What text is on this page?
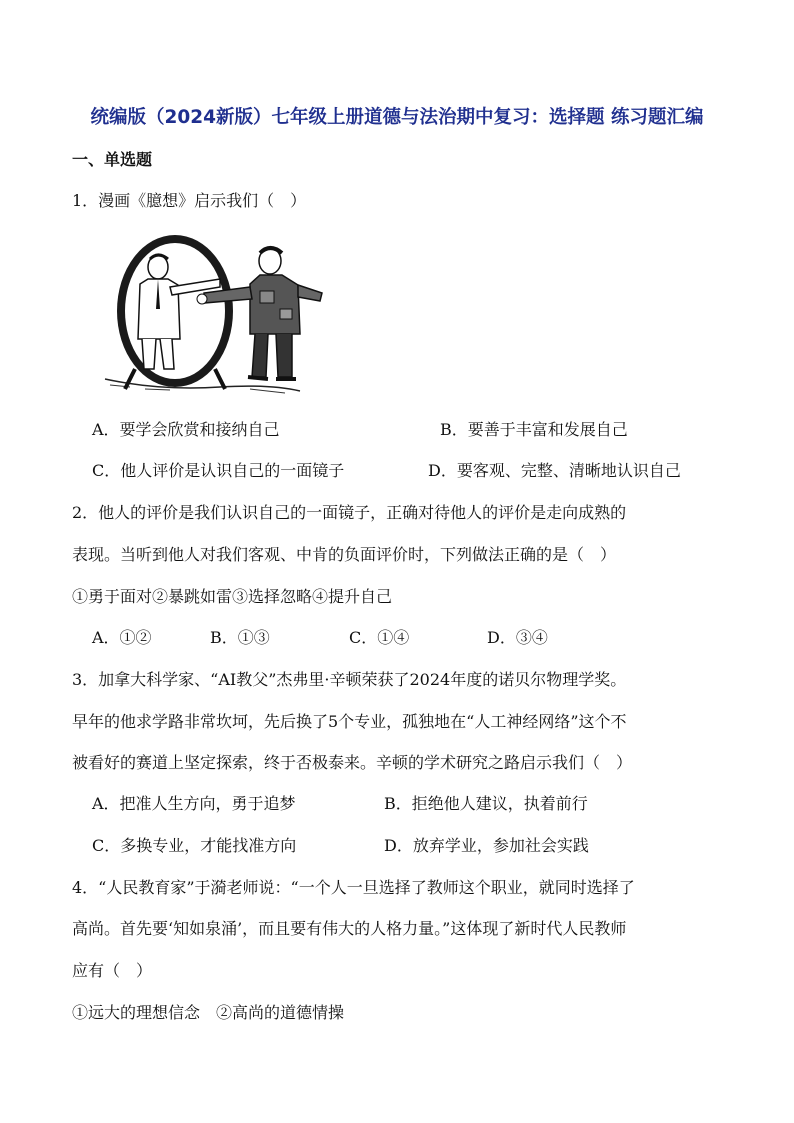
统编版（2024新版）七年级上册道德与法治期中复习：选择题 练习题汇编
一、单选题
1．漫画《臆想》启示我们（　）
A．要学会欣赏和接纳自己	B．要善于丰富和发展自己
C．他人评价是认识自己的一面镜子	D．要客观、完整、清晰地认识自己
2．他人的评价是我们认识自己的一面镜子，正确对待他人的评价是走向成熟的
表现。当听到他人对我们客观、中肯的负面评价时，下列做法正确的是（　）
①勇于面对②暴跳如雷③选择忽略④提升自己
A．①②	B．①③	C．①④	D．③④
3．加拿大科学家、“AI教父”杰弗里·辛顿荣获了2024年度的诺贝尔物理学奖。
早年的他求学路非常坎坷，先后换了5个专业，孤独地在“人工神经网络”这个不
被看好的赛道上坚定探索，终于否极泰来。辛顿的学术研究之路启示我们（　）
A．把准人生方向，勇于追梦	B．拒绝他人建议，执着前行
C．多换专业，才能找准方向	D．放弃学业，参加社会实践
4．“人民教育家”于漪老师说：“一个人一旦选择了教师这个职业，就同时选择了
高尚。首先要‘知如泉涌’，而且要有伟大的人格力量。”这体现了新时代人民教师
应有（　）
①远大的理想信念　②高尚的道德情操
